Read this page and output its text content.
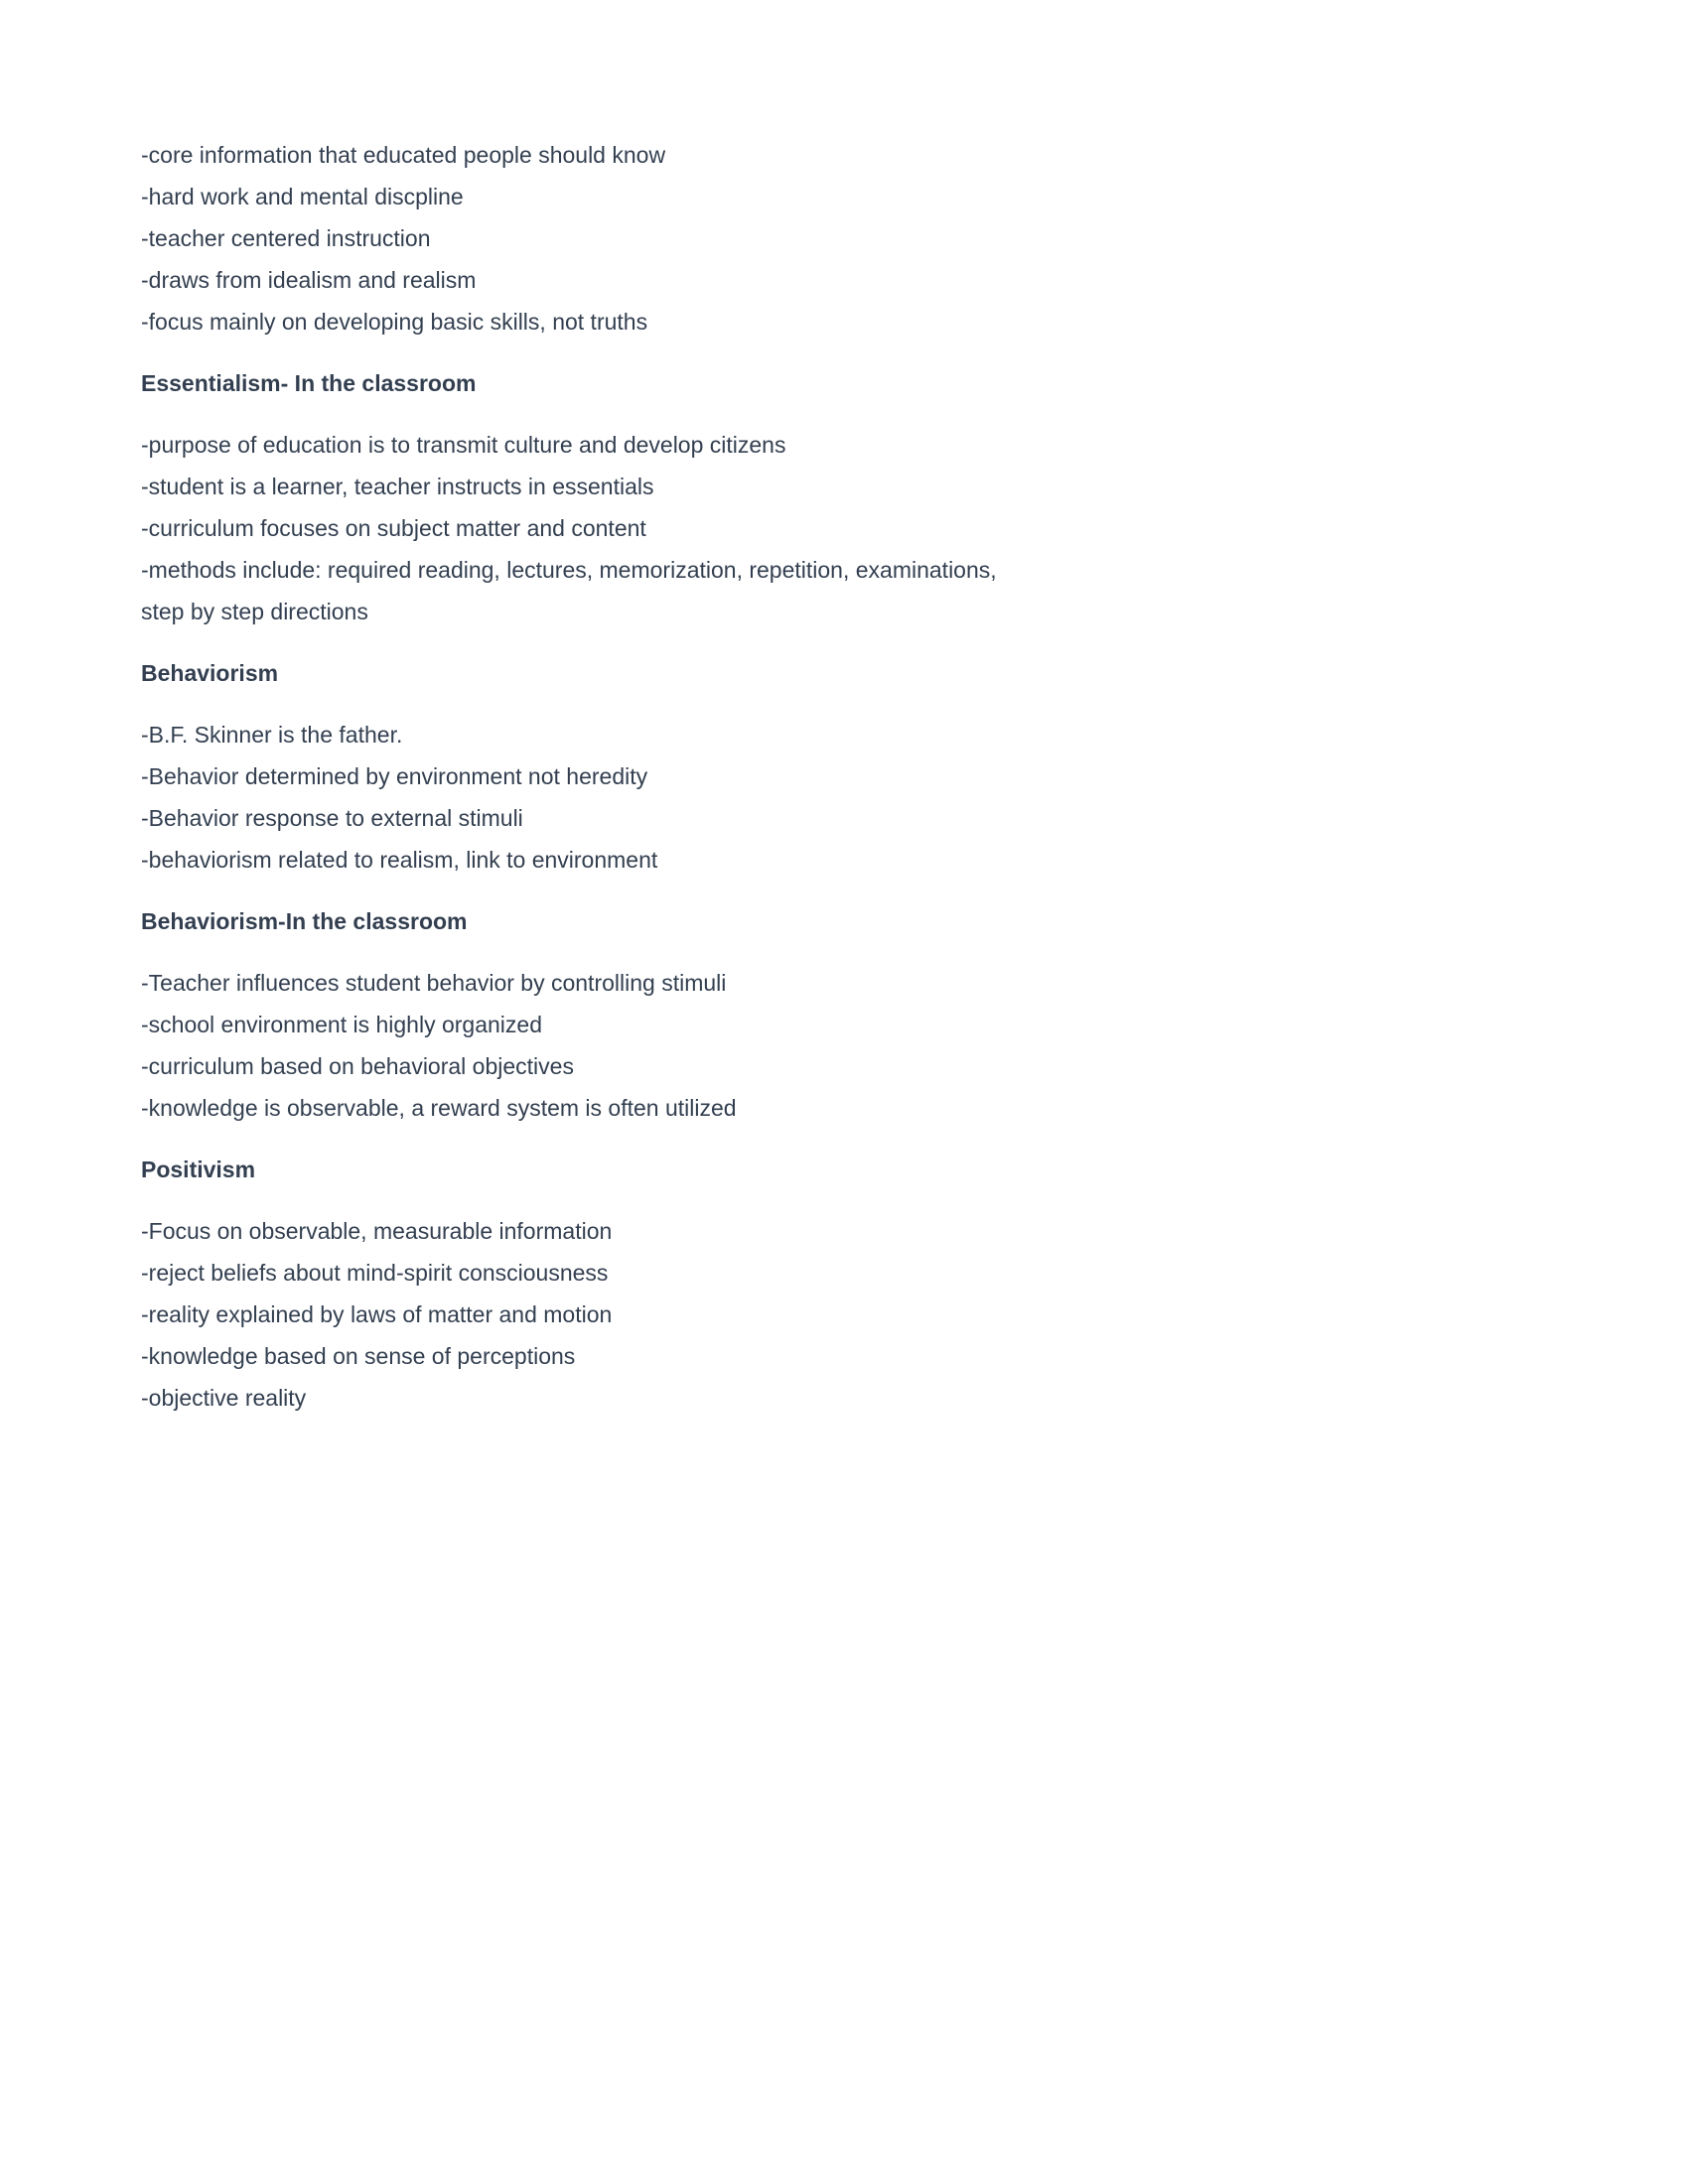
-core information that educated people should know
-hard work and mental discpline
-teacher centered instruction
-draws from idealism and realism
-focus mainly on developing basic skills, not truths
Essentialism- In the classroom
-purpose of education is to transmit culture and develop citizens
-student is a learner, teacher instructs in essentials
-curriculum focuses on subject matter and content
-methods include: required reading, lectures, memorization, repetition, examinations,
step by step directions
Behaviorism
-B.F. Skinner is the father.
-Behavior determined by environment not heredity
-Behavior response to external stimuli
-behaviorism related to realism, link to environment
Behaviorism-In the classroom
-Teacher influences student behavior by controlling stimuli
-school environment is highly organized
-curriculum based on behavioral objectives
-knowledge is observable, a reward system is often utilized
Positivism
-Focus on observable, measurable information
-reject beliefs about mind-spirit consciousness
-reality explained by laws of matter and motion
-knowledge based on sense of perceptions
-objective reality
